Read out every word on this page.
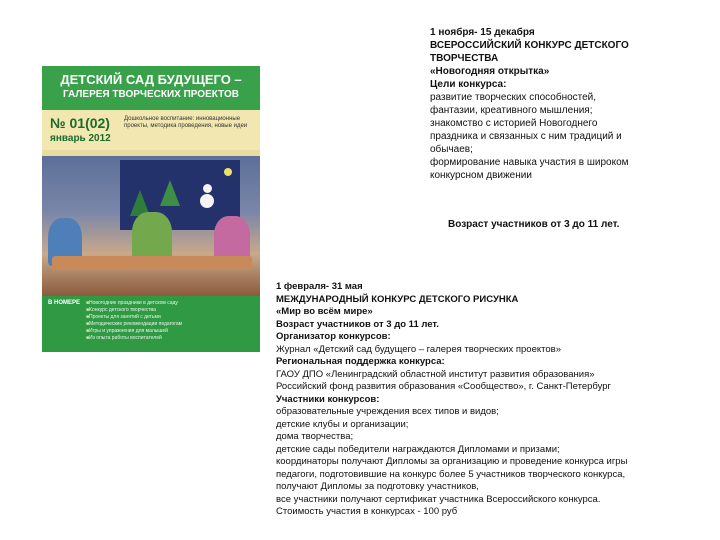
ДЕТСКИЙ САД БУДУЩЕГО –
ГАЛЕРЕЯ ТВОРЧЕСКИХ ПРОЕКТОВ
№ 01(02)
январь 2012
Дошкольное воспитание: инновационные проекты, методика проведения, новые идеи
В НОМЕРЕ
■	Новогодние праздники в детском саду
■ Конкурс детского творчества
■ Проекты для занятий с детьми
■ Методические рекомендации педагогам
■ Игры и упражнения для малышей
■ Из опыта работы воспитателей
1 ноября- 15 декабря
ВСЕРОССИЙСКИЙ КОНКУРС ДЕТСКОГО
ТВОРЧЕСТВА
«Новогодняя открытка»
Цели конкурса:
развитие творческих способностей,
фантазии, креативного мышления;
знакомство с историей Новогоднего
праздника и связанных с ним традиций и
обычаев;
формирование навыка участия в широком
конкурсном движении
Возраст участников от 3 до 11 лет.
1 февраля- 31 мая
МЕЖДУНАРОДНЫЙ КОНКУРС ДЕТСКОГО РИСУНКА
«Мир во всём мире»
Возраст участников от 3 до 11 лет.
Организатор конкурсов:
Журнал «Детский сад будущего – галерея творческих проектов»
Региональная поддержка конкурса:
ГАОУ ДПО «Ленинградский областной институт развития образования»
Российский фонд развития образования «Сообщество», г. Санкт-Петербург
Участники конкурсов:
образовательные учреждения всех типов и видов;
детские клубы и организации;
дома творчества;
детские сады победители награждаются Дипломами и призами;
координаторы получают Дипломы за организацию и проведение конкурса игры
педагоги, подготовившие на конкурс более 5 участников творческого конкурса,
получают Дипломы за подготовку участников,
все участники получают сертификат участника Всероссийского конкурса.
Стоимость участия в конкурсах - 100 руб
